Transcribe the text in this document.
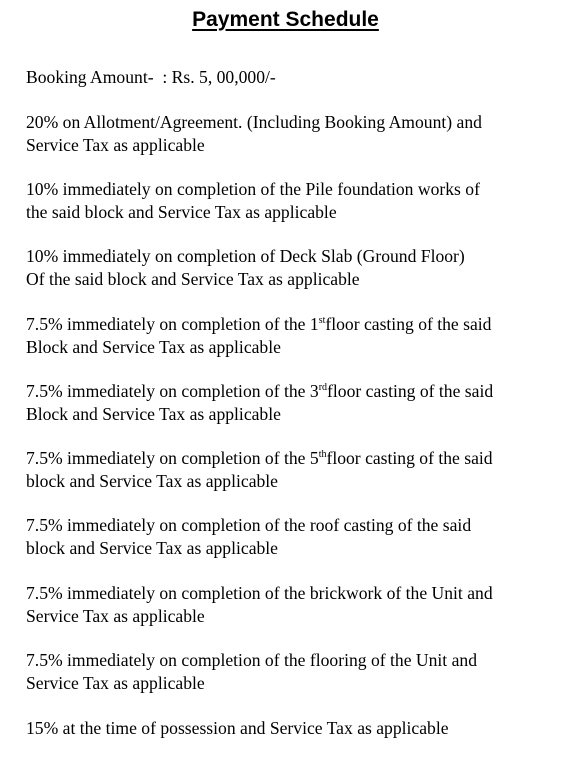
Payment Schedule
Booking Amount- : Rs. 5, 00,000/-
20% on Allotment/Agreement. (Including Booking Amount) and
Service Tax as applicable
10% immediately on completion of the Pile foundation works of
the said block and Service Tax as applicable
10% immediately on completion of Deck Slab (Ground Floor)
Of the said block and Service Tax as applicable
7.5% immediately on completion of the 1stfloor casting of the said
Block and Service Tax as applicable
7.5% immediately on completion of the 3rdfloor casting of the said
Block and Service Tax as applicable
7.5% immediately on completion of the 5thfloor casting of the said
block and Service Tax as applicable
7.5% immediately on completion of the roof casting of the said
block and Service Tax as applicable
7.5% immediately on completion of the brickwork of the Unit and
Service Tax as applicable
7.5% immediately on completion of the flooring of the Unit and
Service Tax as applicable
15% at the time of possession and Service Tax as applicable
